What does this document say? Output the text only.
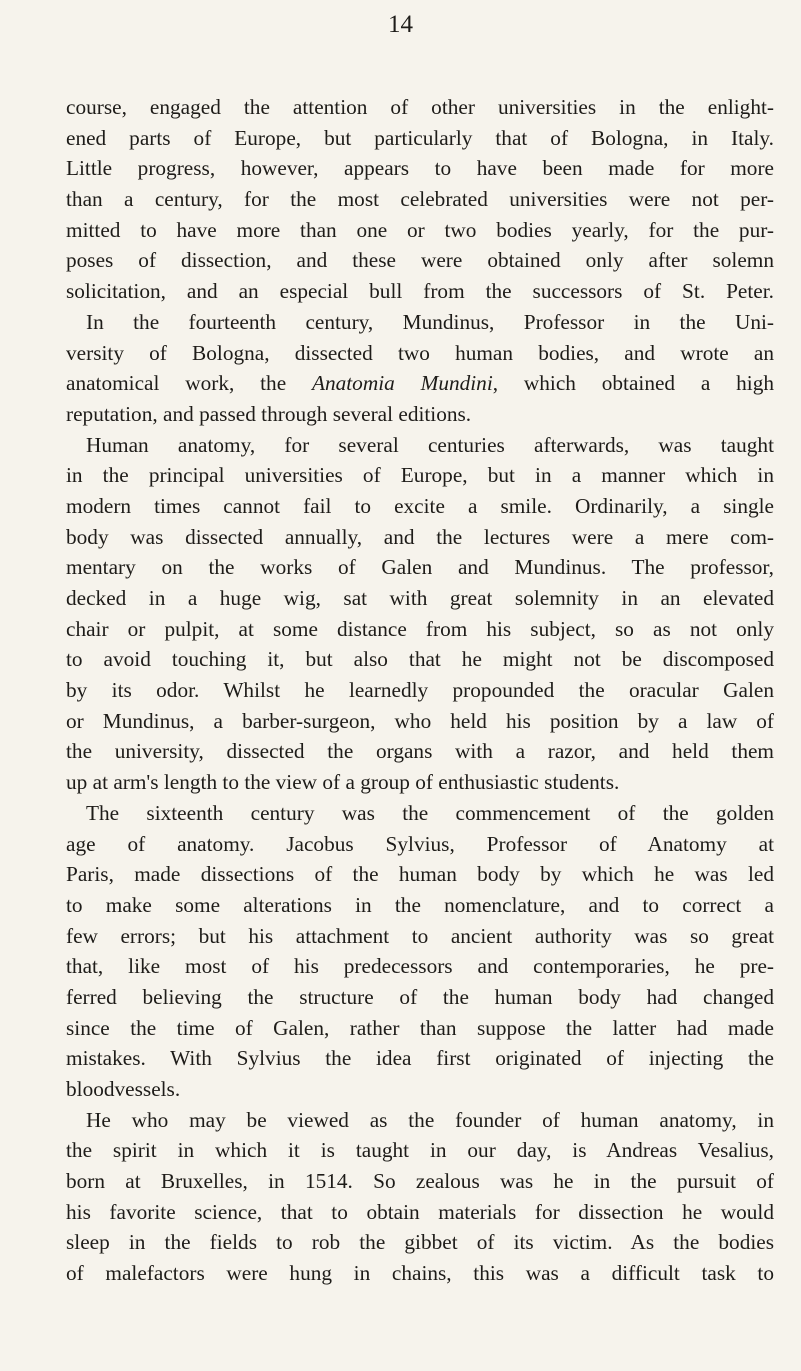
14
course, engaged the attention of other universities in the enlight-
ened parts of Europe, but particularly that of Bologna, in Italy.
Little progress, however, appears to have been made for more
than a century, for the most celebrated universities were not per-
mitted to have more than one or two bodies yearly, for the pur-
poses of dissection, and these were obtained only after solemn
solicitation, and an especial bull from the successors of St. Peter.
In the fourteenth century, Mundinus, Professor in the Uni-
versity of Bologna, dissected two human bodies, and wrote an
anatomical work, the Anatomia Mundini, which obtained a high
reputation, and passed through several editions.
Human anatomy, for several centuries afterwards, was taught
in the principal universities of Europe, but in a manner which in
modern times cannot fail to excite a smile. Ordinarily, a single
body was dissected annually, and the lectures were a mere com-
mentary on the works of Galen and Mundinus. The professor,
decked in a huge wig, sat with great solemnity in an elevated
chair or pulpit, at some distance from his subject, so as not only
to avoid touching it, but also that he might not be discomposed
by its odor. Whilst he learnedly propounded the oracular Galen
or Mundinus, a barber-surgeon, who held his position by a law of
the university, dissected the organs with a razor, and held them
up at arm's length to the view of a group of enthusiastic students.
The sixteenth century was the commencement of the golden
age of anatomy. Jacobus Sylvius, Professor of Anatomy at
Paris, made dissections of the human body by which he was led
to make some alterations in the nomenclature, and to correct a
few errors; but his attachment to ancient authority was so great
that, like most of his predecessors and contemporaries, he pre-
ferred believing the structure of the human body had changed
since the time of Galen, rather than suppose the latter had made
mistakes. With Sylvius the idea first originated of injecting the
bloodvessels.
He who may be viewed as the founder of human anatomy, in
the spirit in which it is taught in our day, is Andreas Vesalius,
born at Bruxelles, in 1514. So zealous was he in the pursuit of
his favorite science, that to obtain materials for dissection he would
sleep in the fields to rob the gibbet of its victim. As the bodies
of malefactors were hung in chains, this was a difficult task to
